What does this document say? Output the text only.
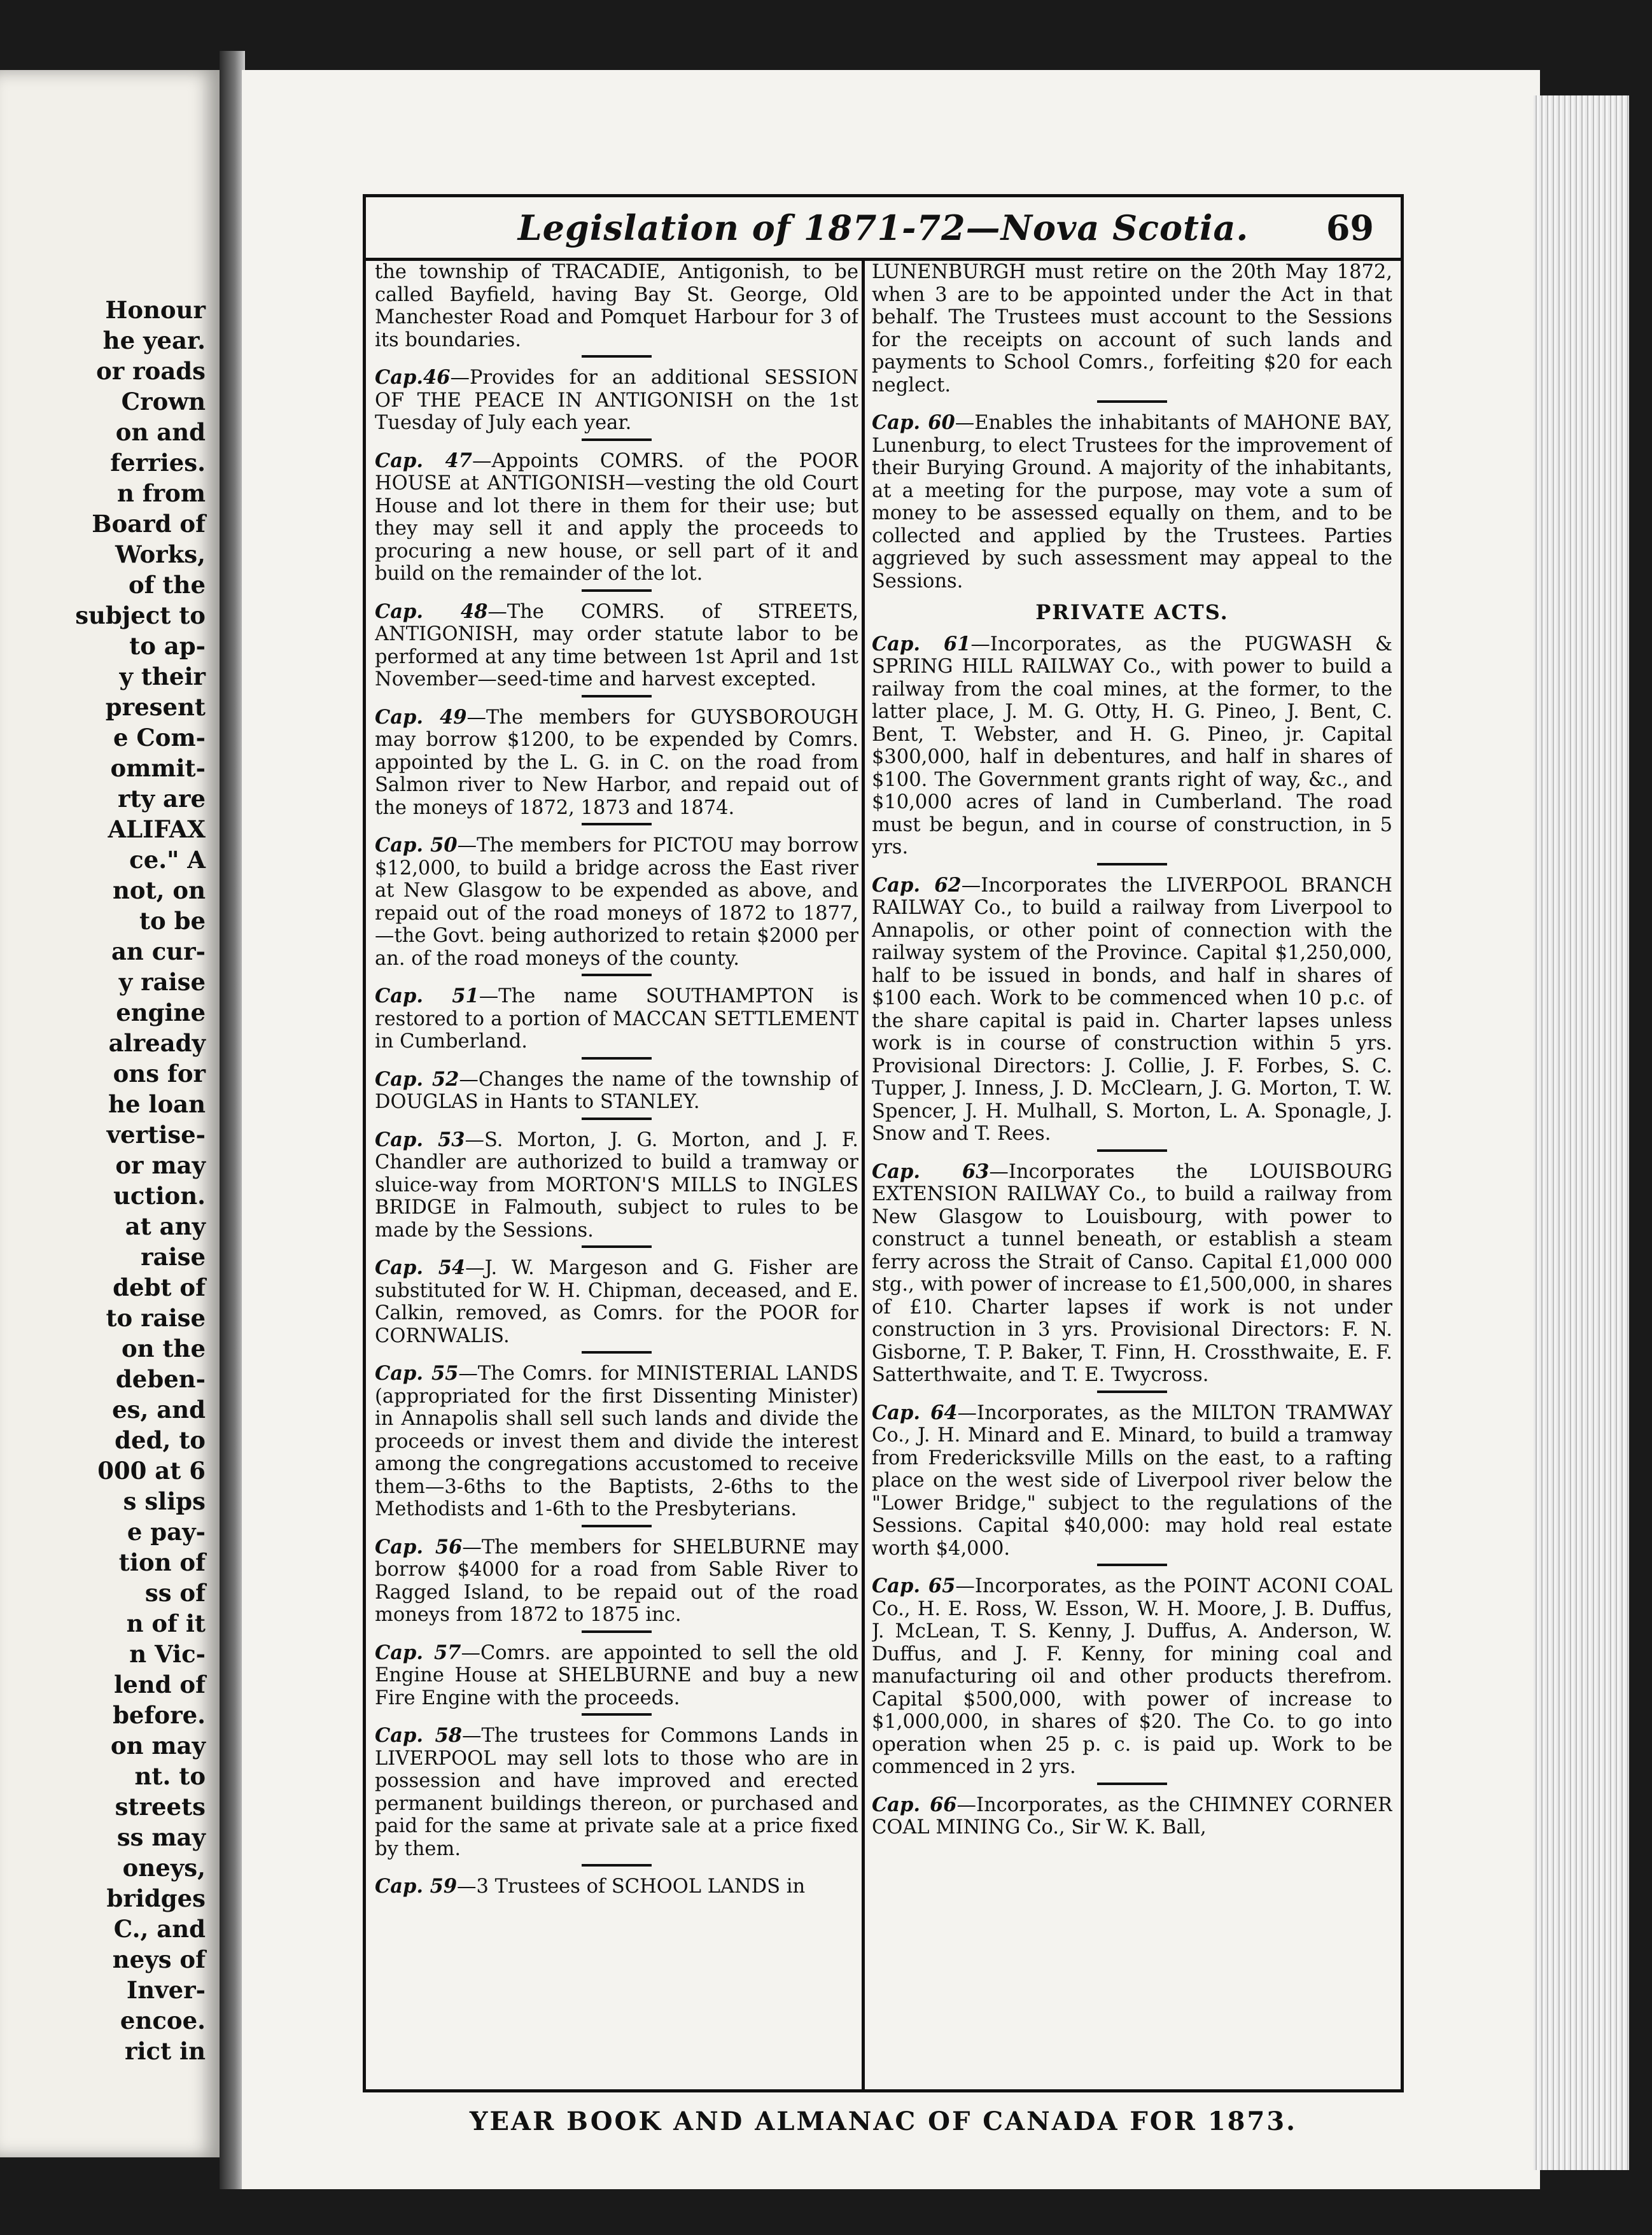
Honour
he year.
or roads
Crown
on and
ferries.
n from
Board of
Works,
of the
subject to
to ap-
y their
present
e Com-
ommit-
rty are
ALIFAX
ce." A
not, on
to be
an cur-
y raise
engine
already
ons for
he loan
vertise-
or may
uction.
at any
raise
debt of
to raise
on the
deben-
es, and
ded, to
000 at 6
s slips
e pay-
tion of
ss of
n of it
n Vic-
lend of
before.
on may
nt. to
streets
ss may
oneys,
bridges
C., and
neys of
Inver-
encoe.
rict in
Legislation of 1871-72—Nova Scotia.	69
the township of TRACADIE, Antigonish, to be called Bayfield, having Bay St. George, Old Manchester Road and Pomquet Harbour for 3 of its boundaries.
Cap.46—Provides for an additional SESSION OF THE PEACE IN ANTIGONISH on the 1st Tuesday of July each year.
Cap. 47—Appoints COMRS. of the POOR HOUSE at ANTIGONISH—vesting the old Court House and lot there in them for their use; but they may sell it and apply the proceeds to procuring a new house, or sell part of it and build on the remainder of the lot.
Cap. 48—The COMRS. of STREETS, ANTIGONISH, may order statute labor to be performed at any time between 1st April and 1st November—seed-time and harvest excepted.
Cap. 49—The members for GUYSBOROUGH may borrow $1200, to be expended by Comrs. appointed by the L. G. in C. on the road from Salmon river to New Harbor, and repaid out of the moneys of 1872, 1873 and 1874.
Cap. 50—The members for PICTOU may borrow $12,000, to build a bridge across the East river at New Glasgow to be expended as above, and repaid out of the road moneys of 1872 to 1877,—the Govt. being authorized to retain $2000 per an. of the road moneys of the county.
Cap. 51—The name SOUTHAMPTON is restored to a portion of MACCAN SETTLEMENT in Cumberland.
Cap. 52—Changes the name of the township of DOUGLAS in Hants to STANLEY.
Cap. 53—S. Morton, J. G. Morton, and J. F. Chandler are authorized to build a tramway or sluice-way from MORTON'S MILLS to INGLES BRIDGE in Falmouth, subject to rules to be made by the Sessions.
Cap. 54—J. W. Margeson and G. Fisher are substituted for W. H. Chipman, deceased, and E. Calkin, removed, as Comrs. for the POOR for CORNWALIS.
Cap. 55—The Comrs. for MINISTERIAL LANDS (appropriated for the first Dissenting Minister) in Annapolis shall sell such lands and divide the proceeds or invest them and divide the interest among the congregations accustomed to receive them—3-6ths to the Baptists, 2-6ths to the Methodists and 1-6th to the Presbyterians.
Cap. 56—The members for SHELBURNE may borrow $4000 for a road from Sable River to Ragged Island, to be repaid out of the road moneys from 1872 to 1875 inc.
Cap. 57—Comrs. are appointed to sell the old Engine House at SHELBURNE and buy a new Fire Engine with the proceeds.
Cap. 58—The trustees for Commons Lands in LIVERPOOL may sell lots to those who are in possession and have improved and erected permanent buildings thereon, or purchased and paid for the same at private sale at a price fixed by them.
Cap. 59—3 Trustees of SCHOOL LANDS in
LUNENBURGH must retire on the 20th May 1872, when 3 are to be appointed under the Act in that behalf. The Trustees must account to the Sessions for the receipts on account of such lands and payments to School Comrs., forfeiting $20 for each neglect.
Cap. 60—Enables the inhabitants of MAHONE BAY, Lunenburg, to elect Trustees for the improvement of their Burying Ground. A majority of the inhabitants, at a meeting for the purpose, may vote a sum of money to be assessed equally on them, and to be collected and applied by the Trustees. Parties aggrieved by such assessment may appeal to the Sessions.
PRIVATE ACTS.
Cap. 61—Incorporates, as the PUGWASH & SPRING HILL RAILWAY Co., with power to build a railway from the coal mines, at the former, to the latter place, J. M. G. Otty, H. G. Pineo, J. Bent, C. Bent, T. Webster, and H. G. Pineo, jr. Capital $300,000, half in debentures, and half in shares of $100. The Government grants right of way, &c., and $10,000 acres of land in Cumberland. The road must be begun, and in course of construction, in 5 yrs.
Cap. 62—Incorporates the LIVERPOOL BRANCH RAILWAY Co., to build a railway from Liverpool to Annapolis, or other point of connection with the railway system of the Province. Capital $1,250,000, half to be issued in bonds, and half in shares of $100 each. Work to be commenced when 10 p.c. of the share capital is paid in. Charter lapses unless work is in course of construction within 5 yrs. Provisional Directors: J. Collie, J. F. Forbes, S. C. Tupper, J. Inness, J. D. McClearn, J. G. Morton, T. W. Spencer, J. H. Mulhall, S. Morton, L. A. Sponagle, J. Snow and T. Rees.
Cap. 63—Incorporates the LOUISBOURG EXTENSION RAILWAY Co., to build a railway from New Glasgow to Louisbourg, with power to construct a tunnel beneath, or establish a steam ferry across the Strait of Canso. Capital £1,000 000 stg., with power of increase to £1,500,000, in shares of £10. Charter lapses if work is not under construction in 3 yrs. Provisional Directors: F. N. Gisborne, T. P. Baker, T. Finn, H. Crossthwaite, E. F. Satterthwaite, and T. E. Twycross.
Cap. 64—Incorporates, as the MILTON TRAMWAY Co., J. H. Minard and E. Minard, to build a tramway from Fredericksville Mills on the east, to a rafting place on the west side of Liverpool river below the "Lower Bridge," subject to the regulations of the Sessions. Capital $40,000: may hold real estate worth $4,000.
Cap. 65—Incorporates, as the POINT ACONI COAL Co., H. E. Ross, W. Esson, W. H. Moore, J. B. Duffus, J. McLean, T. S. Kenny, J. Duffus, A. Anderson, W. Duffus, and J. F. Kenny, for mining coal and manufacturing oil and other products therefrom. Capital $500,000, with power of increase to $1,000,000, in shares of $20. The Co. to go into operation when 25 p. c. is paid up. Work to be commenced in 2 yrs.
Cap. 66—Incorporates, as the CHIMNEY CORNER COAL MINING Co., Sir W. K. Ball,
YEAR BOOK AND ALMANAC OF CANADA FOR 1873.
